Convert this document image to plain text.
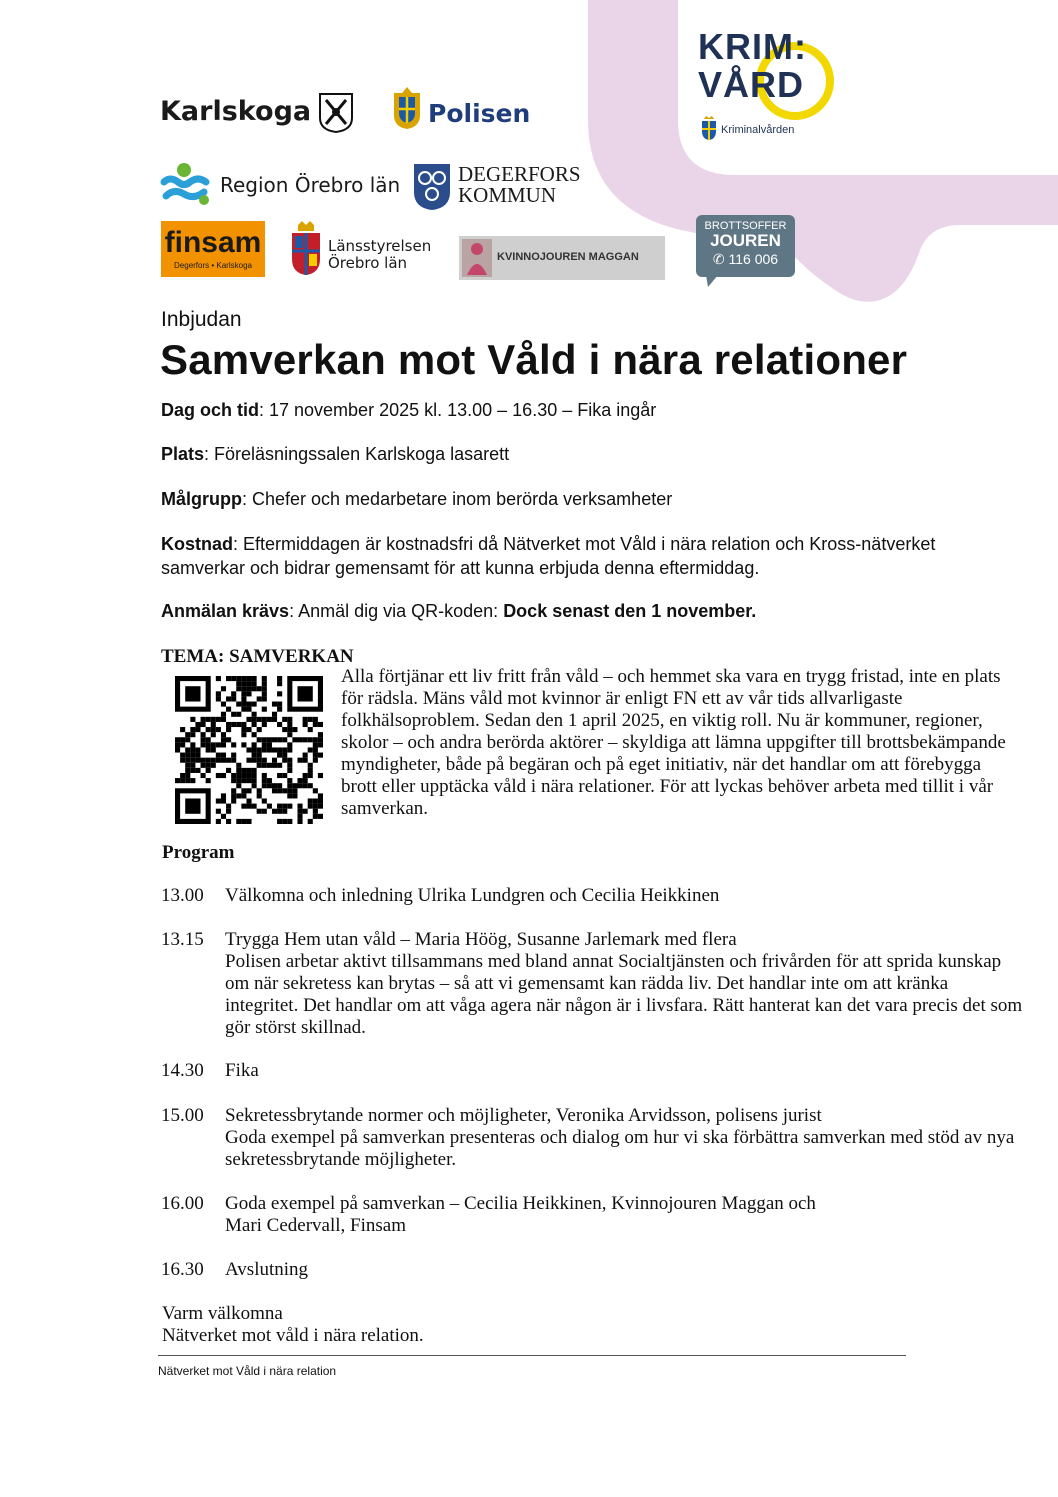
Karlskoga	Polisen
Region Örebro län	DEGERFORS
KOMMUN
finsam
Degerfors • Karlskoga
Länsstyrelsen
Örebro län	KVINNOJOUREN MAGGAN
BROTTSOFFER
JOUREN
✆ 116 006
KRIM:
VÅRD
Kriminalvården
Inbjudan
Samverkan mot Våld i nära relationer
Dag och tid: 17 november 2025 kl. 13.00 – 16.30 – Fika ingår
Plats: Föreläsningssalen Karlskoga lasarett
Målgrupp: Chefer och medarbetare inom berörda verksamheter
Kostnad: Eftermiddagen är kostnadsfri då Nätverket mot Våld i nära relation och Kross-nätverket samverkar och bidrar gemensamt för att kunna erbjuda denna eftermiddag.
Anmälan krävs: Anmäl dig via QR-koden: Dock senast den 1 november.
TEMA: SAMVERKAN
Alla förtjänar ett liv fritt från våld – och hemmet ska vara en trygg fristad, inte en plats för rädsla. Mäns våld mot kvinnor är enligt FN ett av vår tids allvarligaste folkhälsoproblem. Sedan den 1 april 2025, en viktig roll. Nu är kommuner, regioner, skolor – och andra berörda aktörer – skyldiga att lämna uppgifter till brottsbekämpande myndigheter, både på begäran och på eget initiativ, när det handlar om att förebygga brott eller upptäcka våld i nära relationer. För att lyckas behöver arbeta med tillit i vår samverkan.
Program
13.00	Välkomna och inledning Ulrika Lundgren och Cecilia Heikkinen
13.15	Trygga Hem utan våld – Maria Höög, Susanne Jarlemark med flera
Polisen arbetar aktivt tillsammans med bland annat Socialtjänsten och frivården för att sprida kunskap om när sekretess kan brytas – så att vi gemensamt kan rädda liv. Det handlar inte om att kränka integritet. Det handlar om att våga agera när någon är i livsfara. Rätt hanterat kan det vara precis det som gör störst skillnad.
14.30	Fika
15.00	Sekretessbrytande normer och möjligheter, Veronika Arvidsson, polisens jurist
Goda exempel på samverkan presenteras och dialog om hur vi ska förbättra samverkan med stöd av nya sekretessbrytande möjligheter.
16.00	Goda exempel på samverkan – Cecilia Heikkinen, Kvinnojouren Maggan och
Mari Cedervall, Finsam
16.30	Avslutning
Varm välkomna
Nätverket mot våld i nära relation.
Nätverket mot Våld i nära relation
